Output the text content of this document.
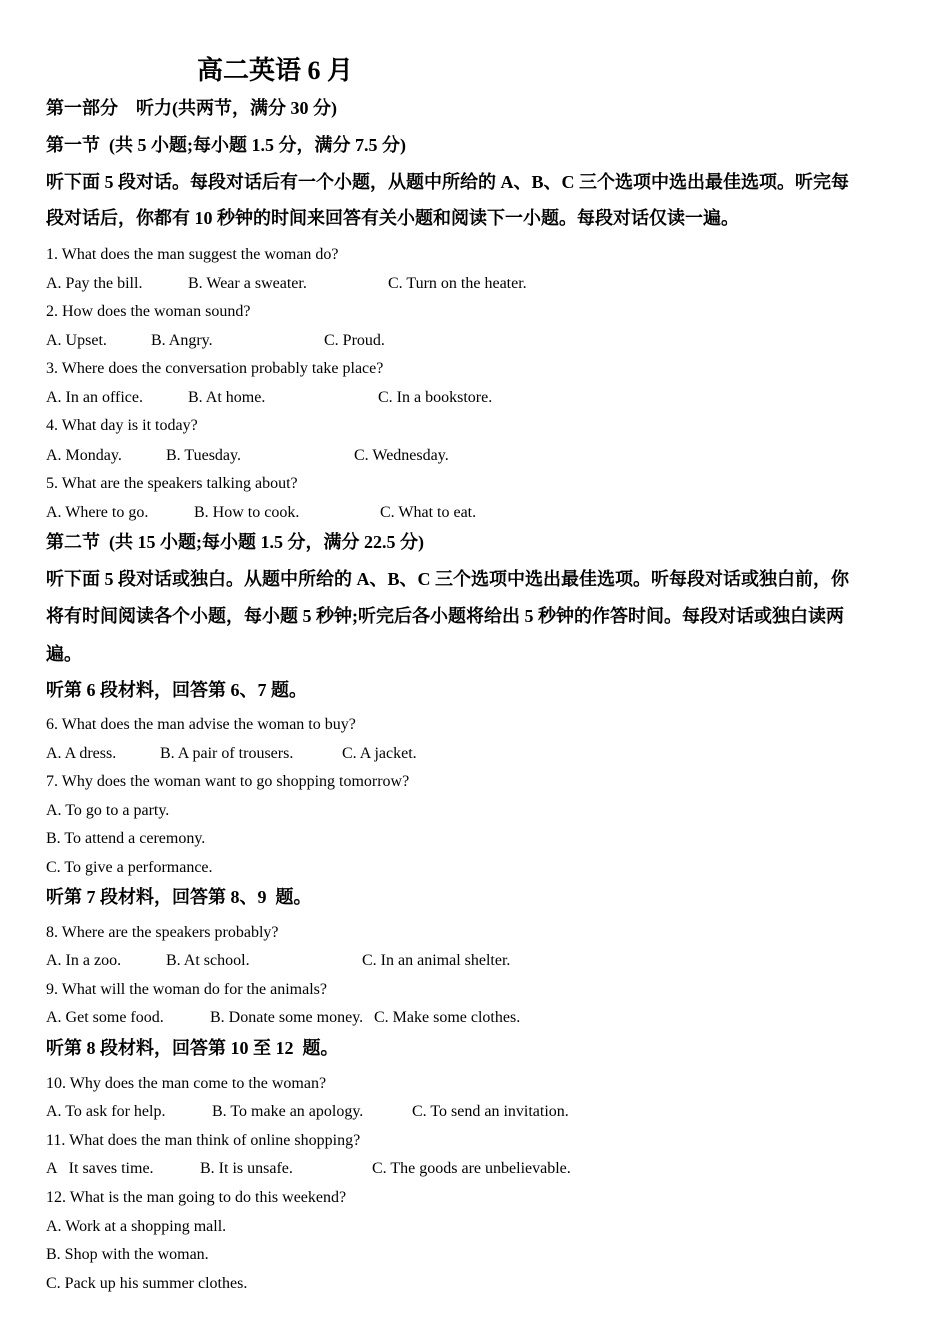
高二英语 6 月
第一部分    听力(共两节，满分 30 分)
第一节  (共 5 小题;每小题 1.5 分，满分 7.5 分)
听下面 5 段对话。每段对话后有一个小题，从题中所给的 A、B、C 三个选项中选出最佳选项。听完每
段对话后，你都有 10 秒钟的时间来回答有关小题和阅读下一小题。每段对话仅读一遍。
1. What does the man suggest the woman do?
A. Pay the bill.	B. Wear a sweater.	C. Turn on the heater.
2. How does the woman sound?
A. Upset.	B. Angry.	C. Proud.
3. Where does the conversation probably take place?
A. In an office.	B. At home.	C. In a bookstore.
4. What day is it today?
A. Monday.	B. Tuesday.	C. Wednesday.
5. What are the speakers talking about?
A. Where to go.	B. How to cook.	C. What to eat.
第二节  (共 15 小题;每小题 1.5 分，满分 22.5 分)
听下面 5 段对话或独白。从题中所给的 A、B、C 三个选项中选出最佳选项。听每段对话或独白前，你
将有时间阅读各个小题，每小题 5 秒钟;听完后各小题将给出 5 秒钟的作答时间。每段对话或独白读两
遍。
听第 6 段材料，回答第 6、7 题。
6. What does the man advise the woman to buy?
A. A dress.	B. A pair of trousers.	C. A jacket.
7. Why does the woman want to go shopping tomorrow?
A. To go to a party.
B. To attend a ceremony.
C. To give a performance.
听第 7 段材料，回答第 8、9  题。
8. Where are the speakers probably?
A. In a zoo.	B. At school.	C. In an animal shelter.
9. What will the woman do for the animals?
A. Get some food.	B. Donate some money. C. Make some clothes.
听第 8 段材料，回答第 10 至 12  题。
10. Why does the man come to the woman?
A. To ask for help.	B. To make an apology.	C. To send an invitation.
11. What does the man think of online shopping?
A   It saves time.	B. It is unsafe.	C. The goods are unbelievable.
12. What is the man going to do this weekend?
A. Work at a shopping mall.
B. Shop with the woman.
C. Pack up his summer clothes.
